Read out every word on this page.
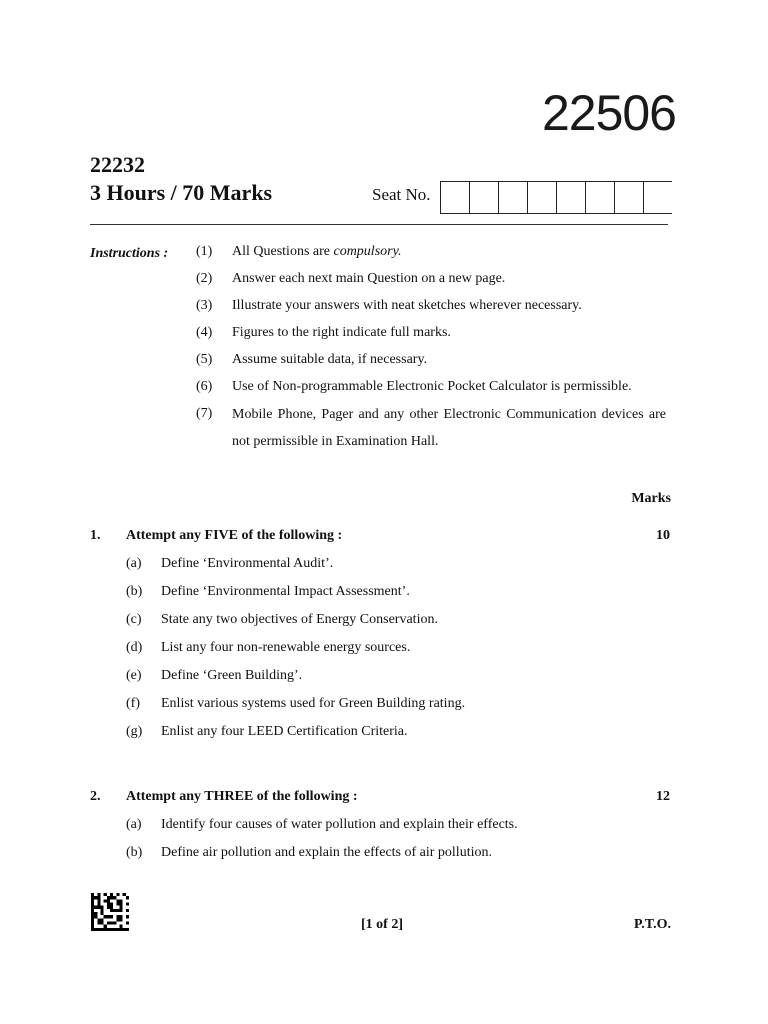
22506
22232
3 Hours / 70 Marks	Seat No.
Instructions : (1)	All Questions are compulsory.
(2)	Answer each next main Question on a new page.
(3)	Illustrate your answers with neat sketches wherever necessary.
(4)	Figures to the right indicate full marks.
(5)	Assume suitable data, if necessary.
(6)	Use of Non-programmable Electronic Pocket Calculator is permissible.
(7)	Mobile Phone, Pager and any other Electronic Communication devices are not permissible in Examination Hall.
Marks
1.	Attempt any FIVE of the following :	10
(a)	Define ‘Environmental Audit’.
(b)	Define ‘Environmental Impact Assessment’.
(c)	State any two objectives of Energy Conservation.
(d)	List any four non-renewable energy sources.
(e)	Define ‘Green Building’.
(f)	Enlist various systems used for Green Building rating.
(g)	Enlist any four LEED Certification Criteria.
2.	Attempt any THREE of the following :	12
(a)	Identify four causes of water pollution and explain their effects.
(b)	Define air pollution and explain the effects of air pollution.
[1 of 2]	P.T.O.
